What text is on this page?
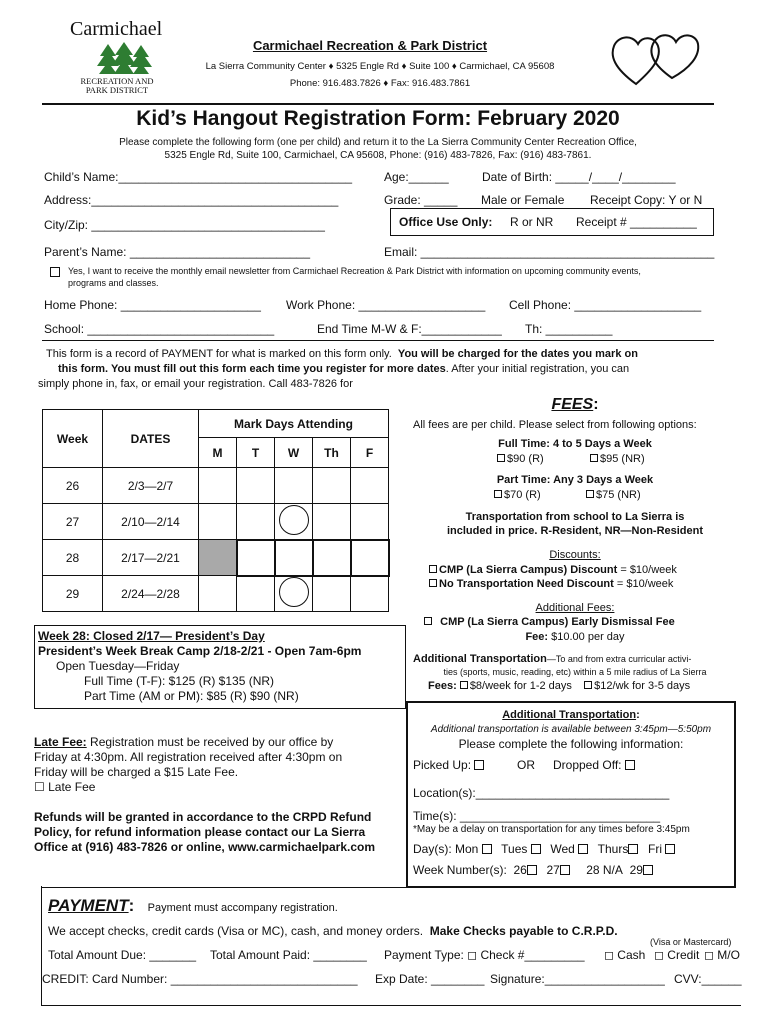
Carmichael
RECREATION AND
PARK DISTRICT
Carmichael Recreation & Park District
La Sierra Community Center ♦ 5325 Engle Rd ♦ Suite 100 ♦ Carmichael, CA 95608
Phone: 916.483.7826 ♦ Fax: 916.483.7861
Kid’s Hangout Registration Form: February 2020
Please complete the following form (one per child) and return it to the La Sierra Community Center Recreation Office,
5325 Engle Rd, Suite 100, Carmichael, CA 95608, Phone: (916) 483-7826, Fax: (916) 483-7861.
Child’s Name:___________________________________	Age:______	Date of Birth: _____/____/________
Address:_____________________________________	Grade: _____ Male or Female Receipt Copy: Y or N
City/Zip: ___________________________________	Office Use Only: R or NR Receipt # __________
Parent’s Name: ___________________________	Email: ____________________________________________
Yes, I want to receive the monthly email newsletter from Carmichael Recreation & Park District with information on upcoming community events,
programs and classes.
Home Phone: _____________________ Work Phone: ___________________ Cell Phone: ___________________
School: ____________________________	End Time M-W & F:____________ Th: __________
This form is a record of PAYMENT for what is marked on this form only. You will be charged for the dates you mark on
this form. You must fill out this form each time you register for more dates. After your initial registration, you can
simply phone in, fax, or email your registration. Call 483-7826 for
Week	DATES	Mark Days Attending				
		M	T	W	Th	F
26	2/3—2/7					
27	2/10—2/14					
28	2/17—2/21					
29	2/24—2/28					
Week 28: Closed 2/17— President’s Day
President’s Week Break Camp 2/18-2/21 - Open 7am-6pm
Open Tuesday—Friday
Full Time (T-F): $125 (R) $135 (NR)
Part Time (AM or PM): $85 (R) $90 (NR)
Late Fee: Registration must be received by our office by
Friday at 4:30pm. All registration received after 4:30pm on
Friday will be charged a $15 Late Fee.
☐ Late Fee
Refunds will be granted in accordance to the CRPD Refund
Policy, for refund information please contact our La Sierra
Office at (916) 483-7826 or online, www.carmichaelpark.com
FEES:
All fees are per child. Please select from following options:
Full Time: 4 to 5 Days a Week
$90 (R)	$95 (NR)
Part Time: Any 3 Days a Week
$70 (R)	$75 (NR)
Transportation from school to La Sierra is
included in price. R-Resident, NR—Non-Resident
Discounts:
CMP (La Sierra Campus) Discount = $10/week
No Transportation Need Discount = $10/week
Additional Fees:
CMP (La Sierra Campus) Early Dismissal Fee
Fee: $10.00 per day
Additional Transportation—To and from extra curricular activi-
ties (sports, music, reading, etc) within a 5 mile radius of La Sierra
Fees: $8/week for 1-2 days $12/wk for 3-5 days
Additional Transportation:
Additional transportation is available between 3:45pm—5:50pm
Please complete the following information:
Picked Up:	OR Dropped Off:
Location(s):_____________________________
Time(s): ______________________________
*May be a delay on transportation for any times before 3:45pm
Day(s): Mon Tues Wed Thurs Fri
Week Number(s): 26 27 28 N/A 29
PAYMENT: Payment must accompany registration.
We accept checks, credit cards (Visa or MC), cash, and money orders. Make Checks payable to C.R.P.D.
(Visa or Mastercard)
Total Amount Due: _______ Total Amount Paid: ________ Payment Type: ◻ Check #_________ ◻ Cash ◻ Credit ◻ M/O
CREDIT: Card Number: ____________________________ Exp Date: ________ Signature:__________________ CVV:______
